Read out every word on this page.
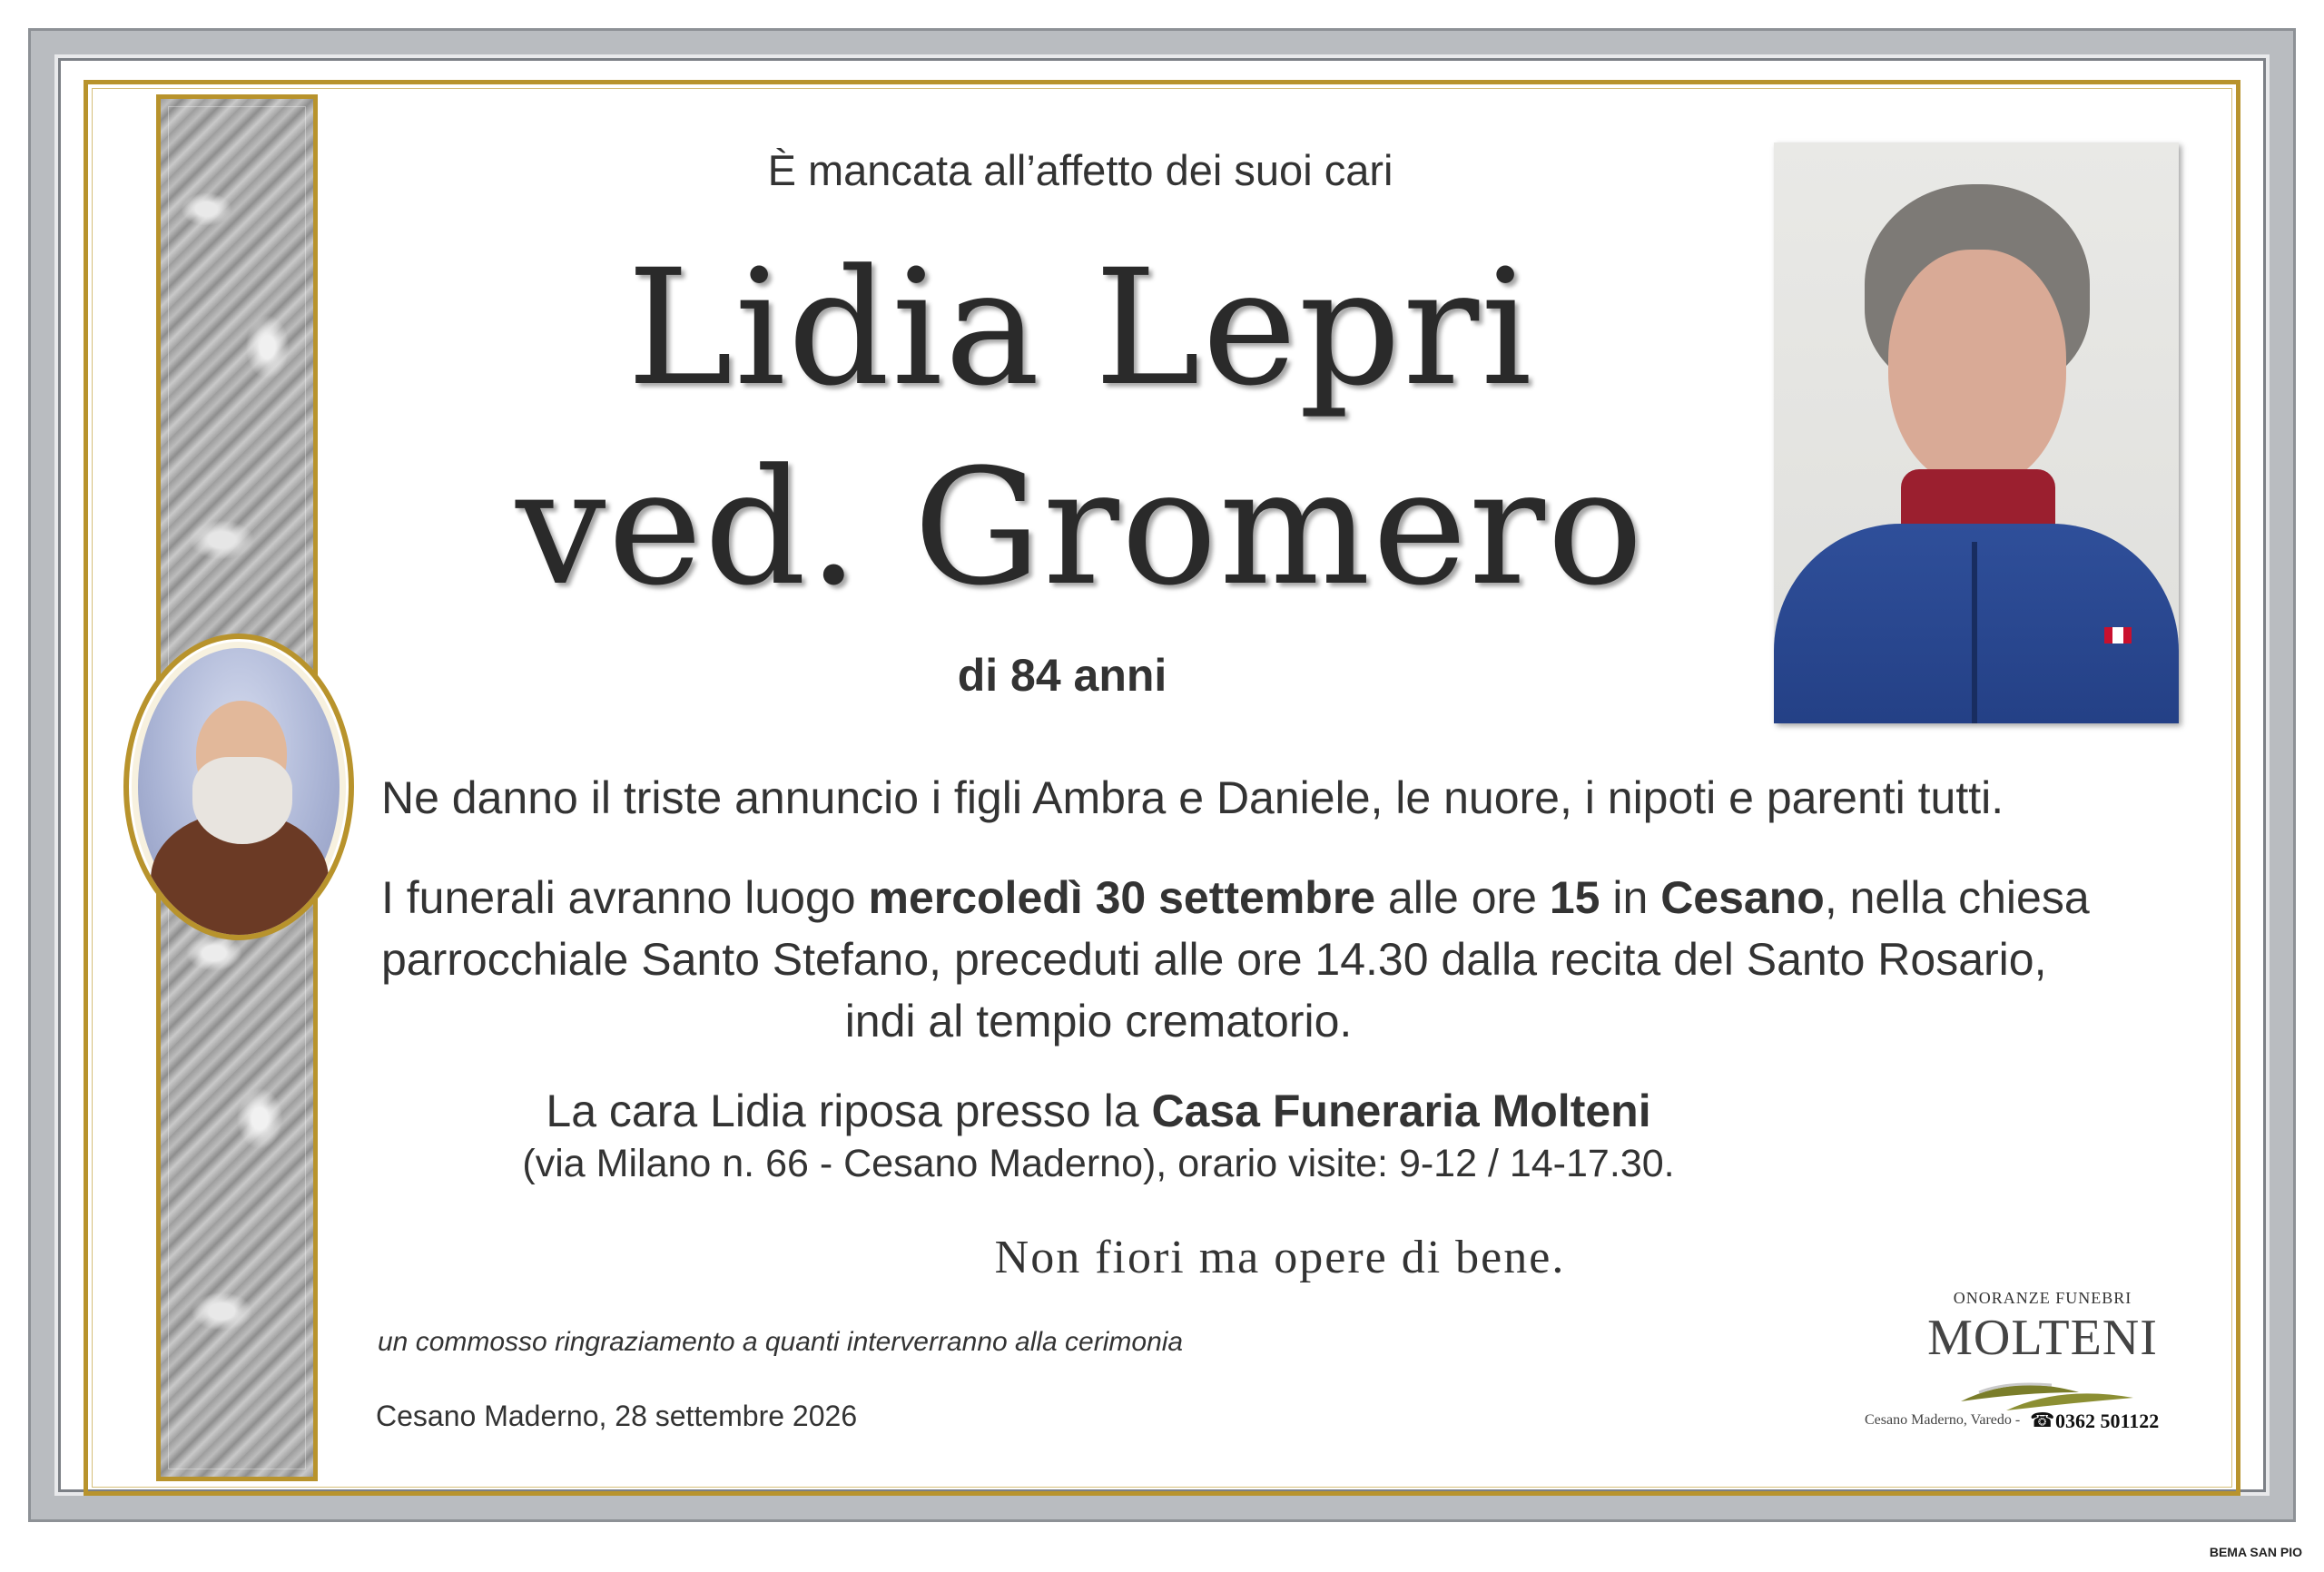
È mancata all’affetto dei suoi cari
Lidia Lepri
ved. Gromero
di 84 anni
Ne danno il triste annuncio i figli Ambra e Daniele, le nuore, i nipoti e parenti tutti.
I funerali avranno luogo mercoledì 30 settembre alle ore 15 in Cesano, nella chiesa
parrocchiale Santo Stefano, preceduti alle ore 14.30 dalla recita del Santo Rosario,
indi al tempio crematorio.
La cara Lidia riposa presso la Casa Funeraria Molteni
(via Milano n. 66 - Cesano Maderno), orario visite: 9-12 / 14-17.30.
Non fiori ma opere di bene.
un commosso ringraziamento a quanti interverranno alla cerimonia
Cesano Maderno, 28 settembre 2026
ONORANZE FUNEBRI
MOLTENI
Cesano Maderno, Varedo - ☎ 0362 501122
BEMA SAN PIO
